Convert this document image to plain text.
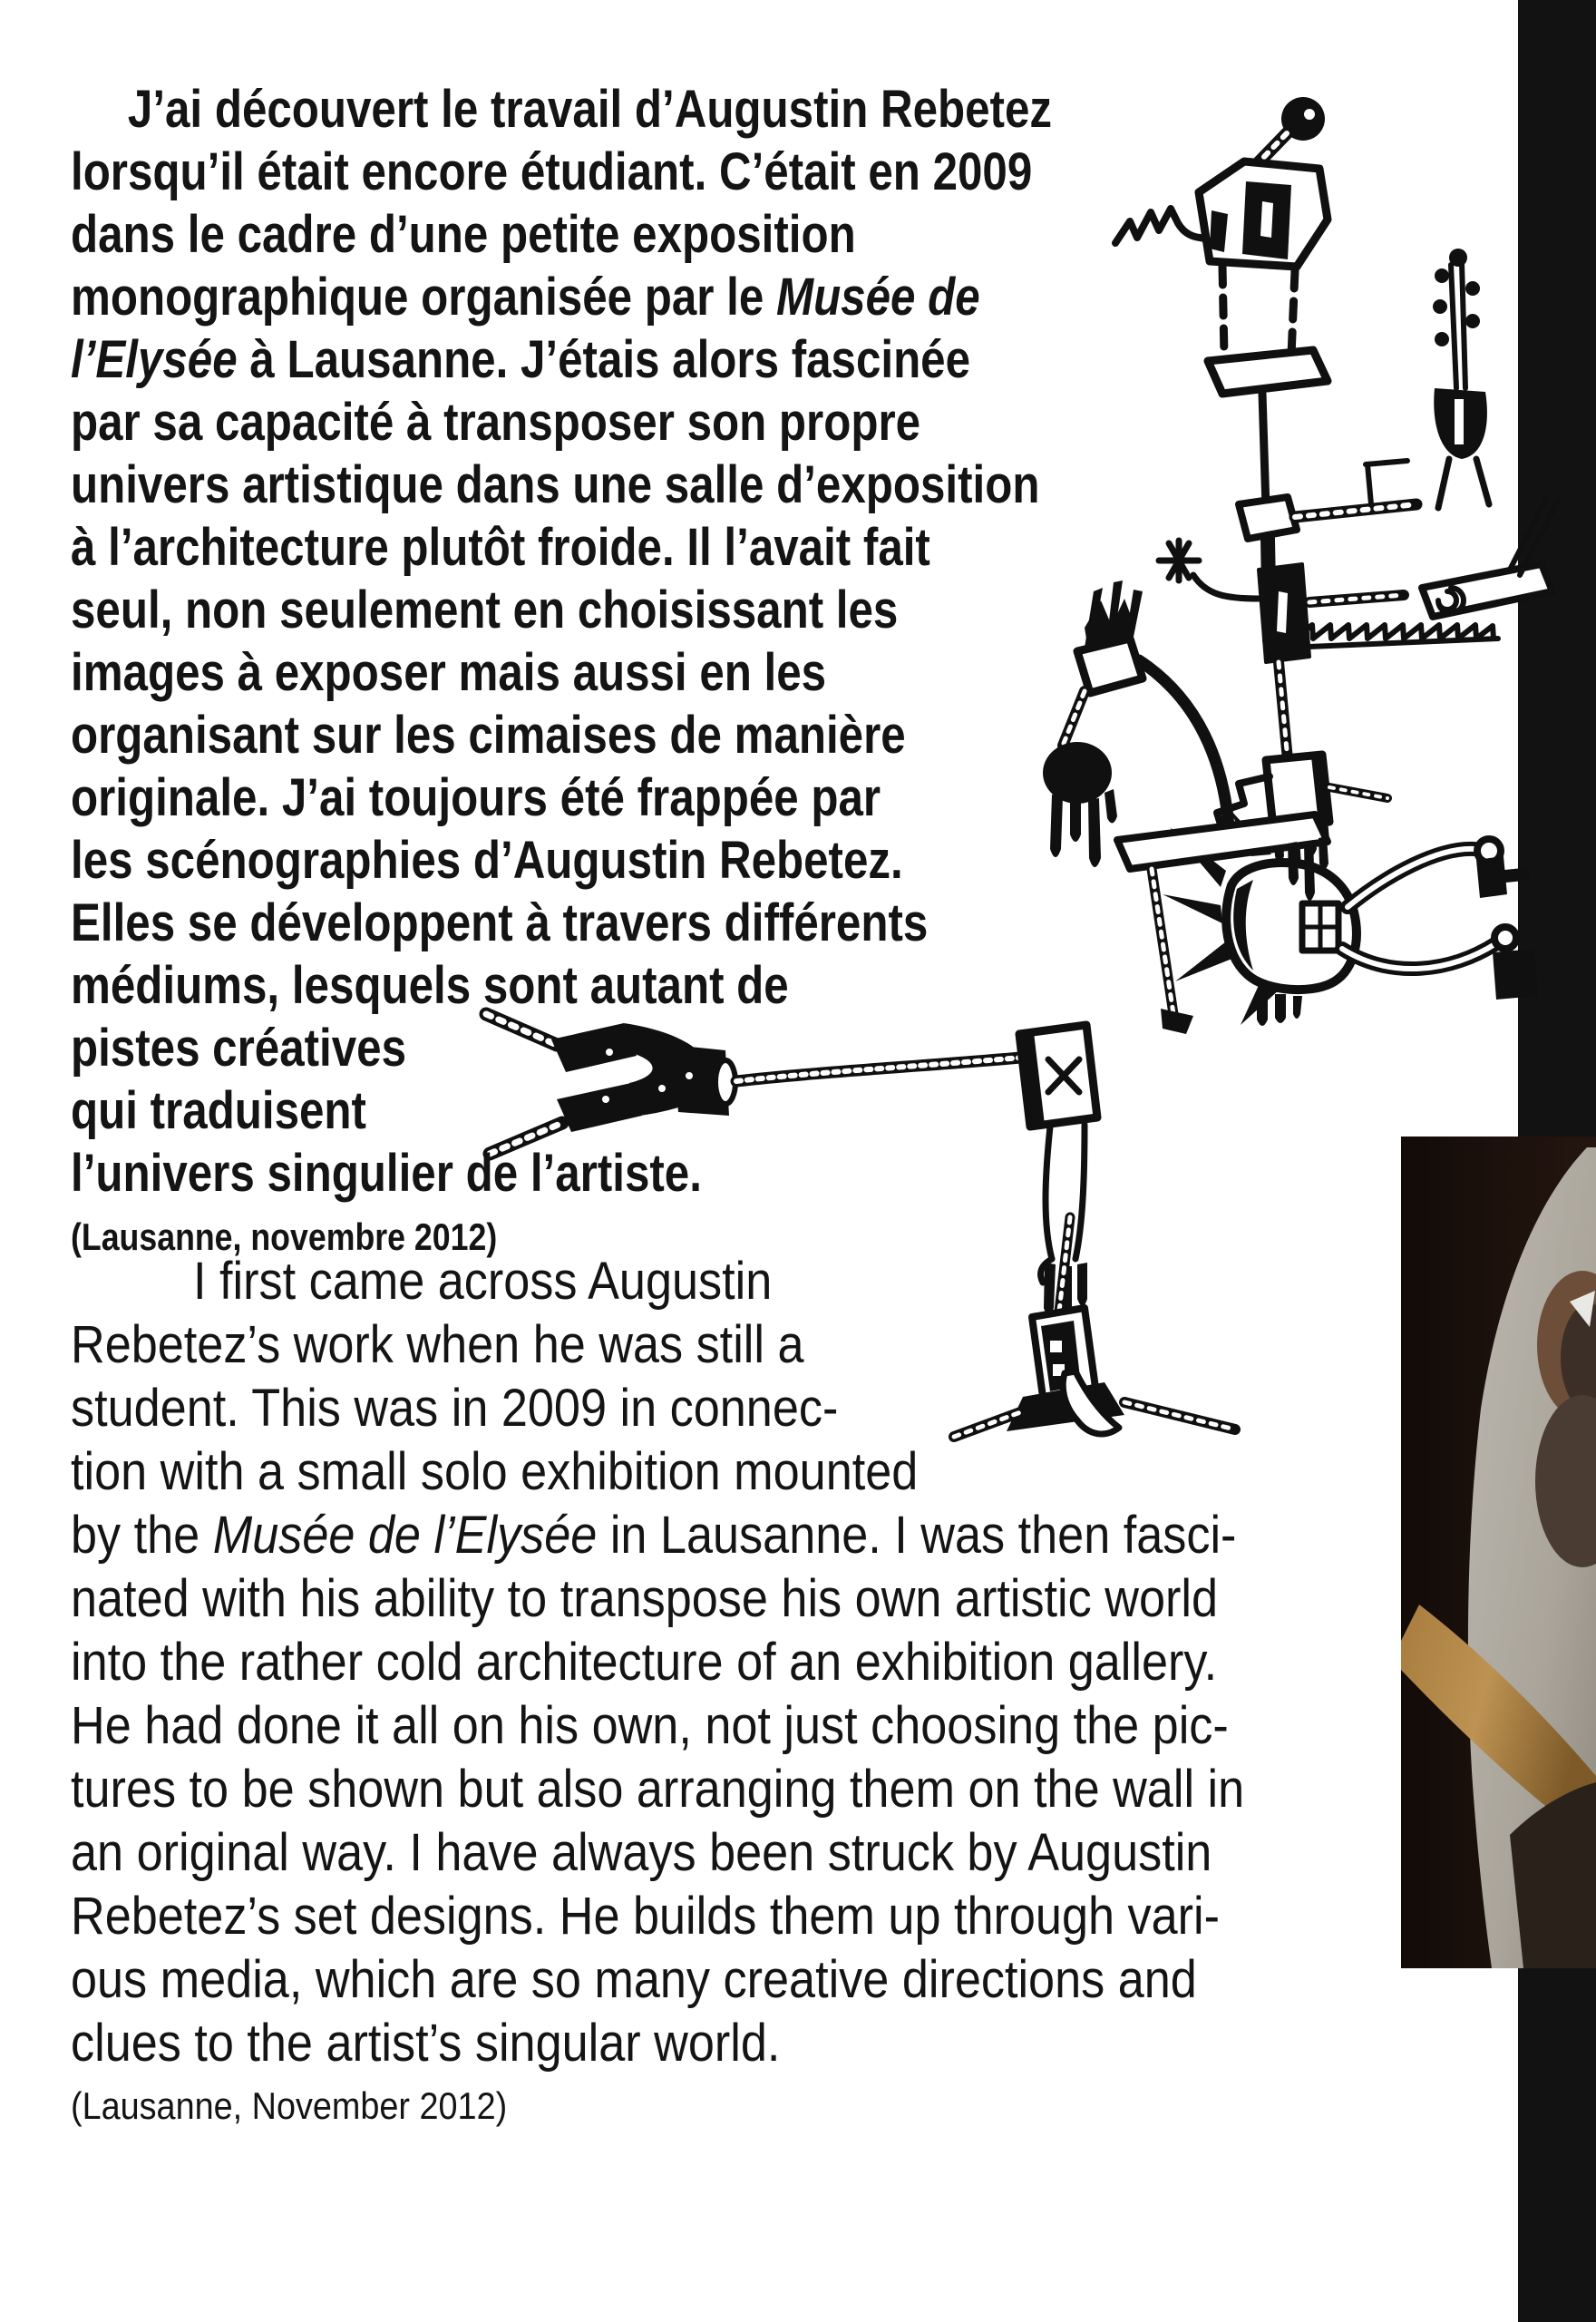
J’ai découvert le travail d’Augustin Rebetez
lorsqu’il était encore étudiant. C’était en 2009
dans le cadre d’une petite exposition
monographique organisée par le Musée de
l’Elysée à Lausanne. J’étais alors fascinée
par sa capacité à transposer son propre
univers artistique dans une salle d’exposition
à l’architecture plutôt froide. Il l’avait fait
seul, non seulement en choisissant les
images à exposer mais aussi en les
organisant sur les cimaises de manière
originale. J’ai toujours été frappée par
les scénographies d’Augustin Rebetez.
Elles se développent à travers différents
médiums, lesquels sont autant de
pistes créatives
qui traduisent
l’univers singulier de l’artiste.
(Lausanne, novembre 2012)
I first came across Augustin
Rebetez’s work when he was still a
student. This was in 2009 in connec-
tion with a small solo exhibition mounted
by the Musée de l’Elysée in Lausanne. I was then fasci-
nated with his ability to transpose his own artistic world
into the rather cold architecture of an exhibition gallery.
He had done it all on his own, not just choosing the pic-
tures to be shown but also arranging them on the wall in
an original way. I have always been struck by Augustin
Rebetez’s set designs. He builds them up through vari-
ous media, which are so many creative directions and
clues to the artist’s singular world.
(Lausanne, November 2012)
